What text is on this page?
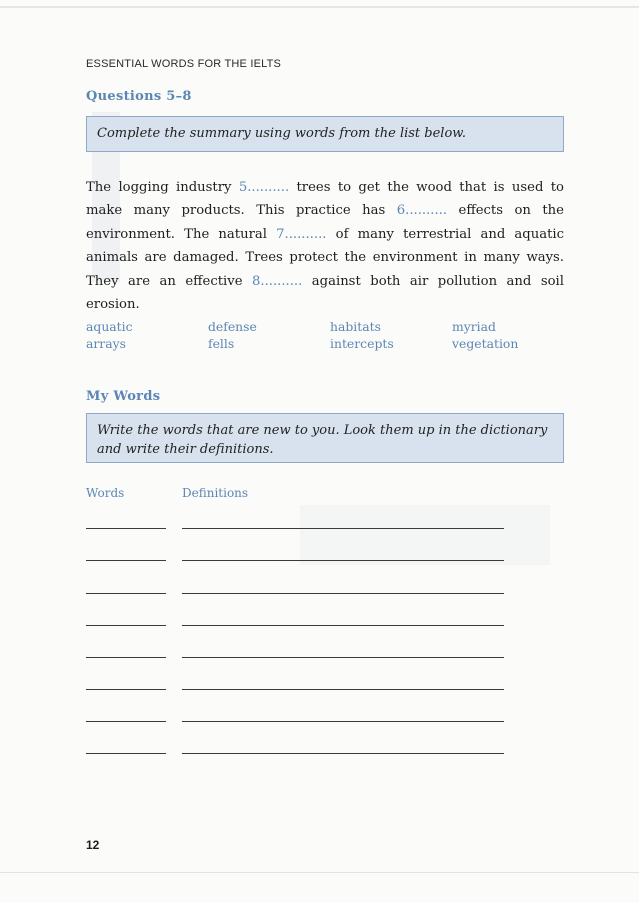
ESSENTIAL WORDS FOR THE IELTS
Questions 5–8
Complete the summary using words from the list below.
The logging industry 5.......... trees to get the wood that is used to make many products. This practice has 6.......... effects on the environment. The natural 7.......... of many terrestrial and aquatic animals are damaged. Trees protect the environment in many ways. They are an effective 8.......... against both air pollution and soil erosion.
aquatic	defense	habitats	myriad
arrays	fells	intercepts	vegetation
My Words
Write the words that are new to you. Look them up in the dictionary and write their definitions.
Words	Definitions
12
